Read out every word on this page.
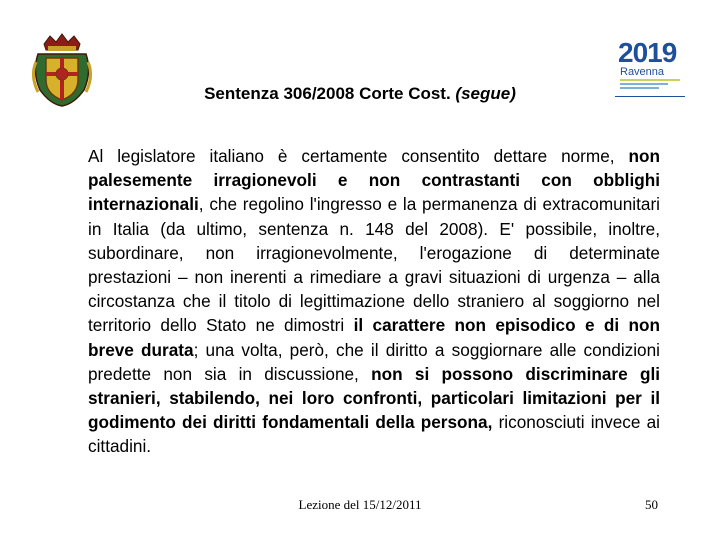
2019
Ravenna
Sentenza 306/2008 Corte Cost. (segue)
Al legislatore italiano è certamente consentito dettare norme, non palesemente irragionevoli e non contrastanti con obblighi internazionali, che regolino l'ingresso e la permanenza di extracomunitari in Italia (da ultimo, sentenza n. 148 del 2008). E' possibile, inoltre, subordinare, non irragionevolmente, l'erogazione di determinate prestazioni – non inerenti a rimediare a gravi situazioni di urgenza – alla circostanza che il titolo di legittimazione dello straniero al soggiorno nel territorio dello Stato ne dimostri il carattere non episodico e di non breve durata; una volta, però, che il diritto a soggiornare alle condizioni predette non sia in discussione, non si possono discriminare gli stranieri, stabilendo, nei loro confronti, particolari limitazioni per il godimento dei diritti fondamentali della persona, riconosciuti invece ai cittadini.
Lezione del 15/12/2011	50
